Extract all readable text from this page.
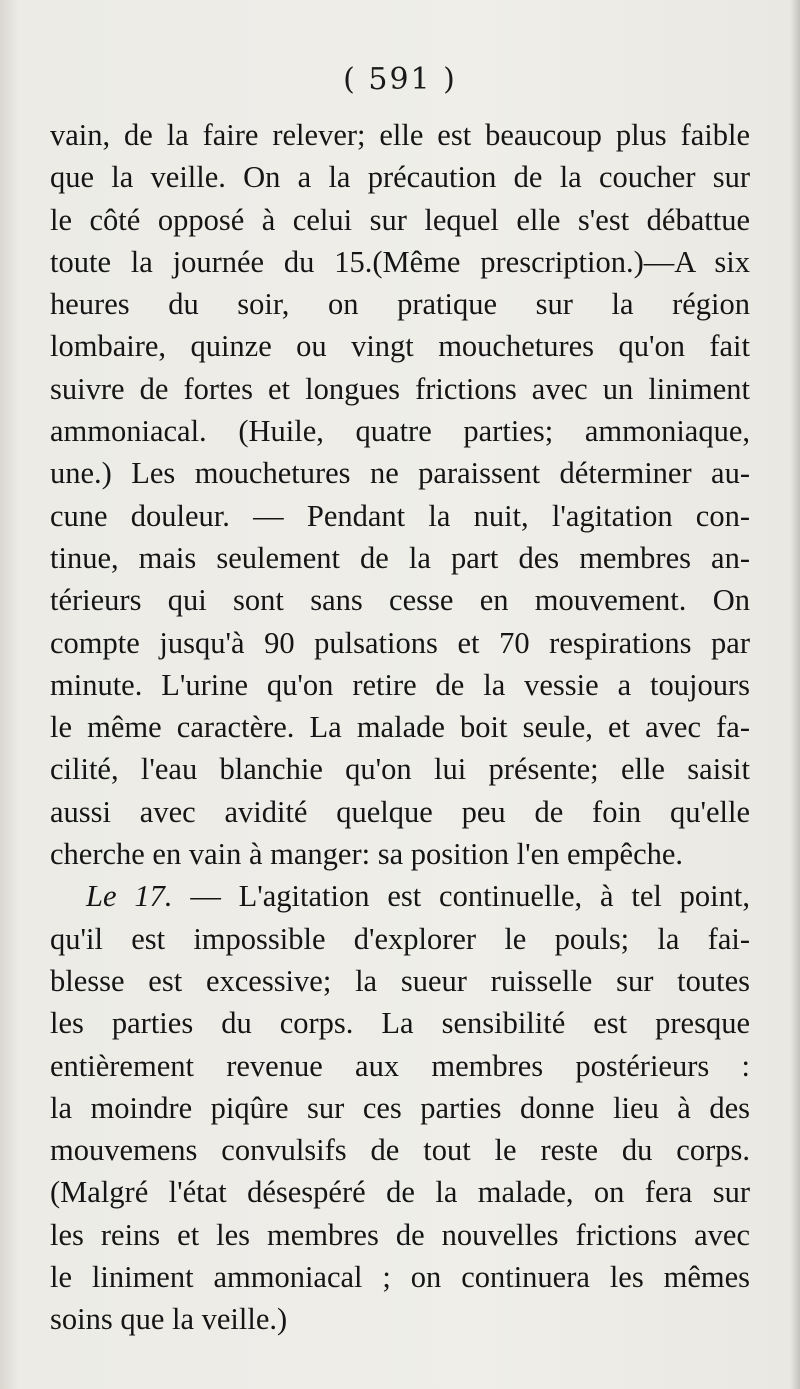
( 591 )
vain, de la faire relever; elle est beaucoup plus faible
que la veille. On a la précaution de la coucher sur
le côté opposé à celui sur lequel elle s'est débattue
toute la journée du 15.(Même prescription.)—A six
heures du soir, on pratique sur la région
lombaire, quinze ou vingt mouchetures qu'on fait
suivre de fortes et longues frictions avec un liniment
ammoniacal. (Huile, quatre parties; ammoniaque,
une.) Les mouchetures ne paraissent déterminer au-
cune douleur. — Pendant la nuit, l'agitation con-
tinue, mais seulement de la part des membres an-
térieurs qui sont sans cesse en mouvement. On
compte jusqu'à 90 pulsations et 70 respirations par
minute. L'urine qu'on retire de la vessie a toujours
le même caractère. La malade boit seule, et avec fa-
cilité, l'eau blanchie qu'on lui présente; elle saisit
aussi avec avidité quelque peu de foin qu'elle
cherche en vain à manger: sa position l'en empêche.
Le 17. — L'agitation est continuelle, à tel point,
qu'il est impossible d'explorer le pouls; la fai-
blesse est excessive; la sueur ruisselle sur toutes
les parties du corps. La sensibilité est presque
entièrement revenue aux membres postérieurs :
la moindre piqûre sur ces parties donne lieu à des
mouvemens convulsifs de tout le reste du corps.
(Malgré l'état désespéré de la malade, on fera sur
les reins et les membres de nouvelles frictions avec
le liniment ammoniacal ; on continuera les mêmes
soins que la veille.)
